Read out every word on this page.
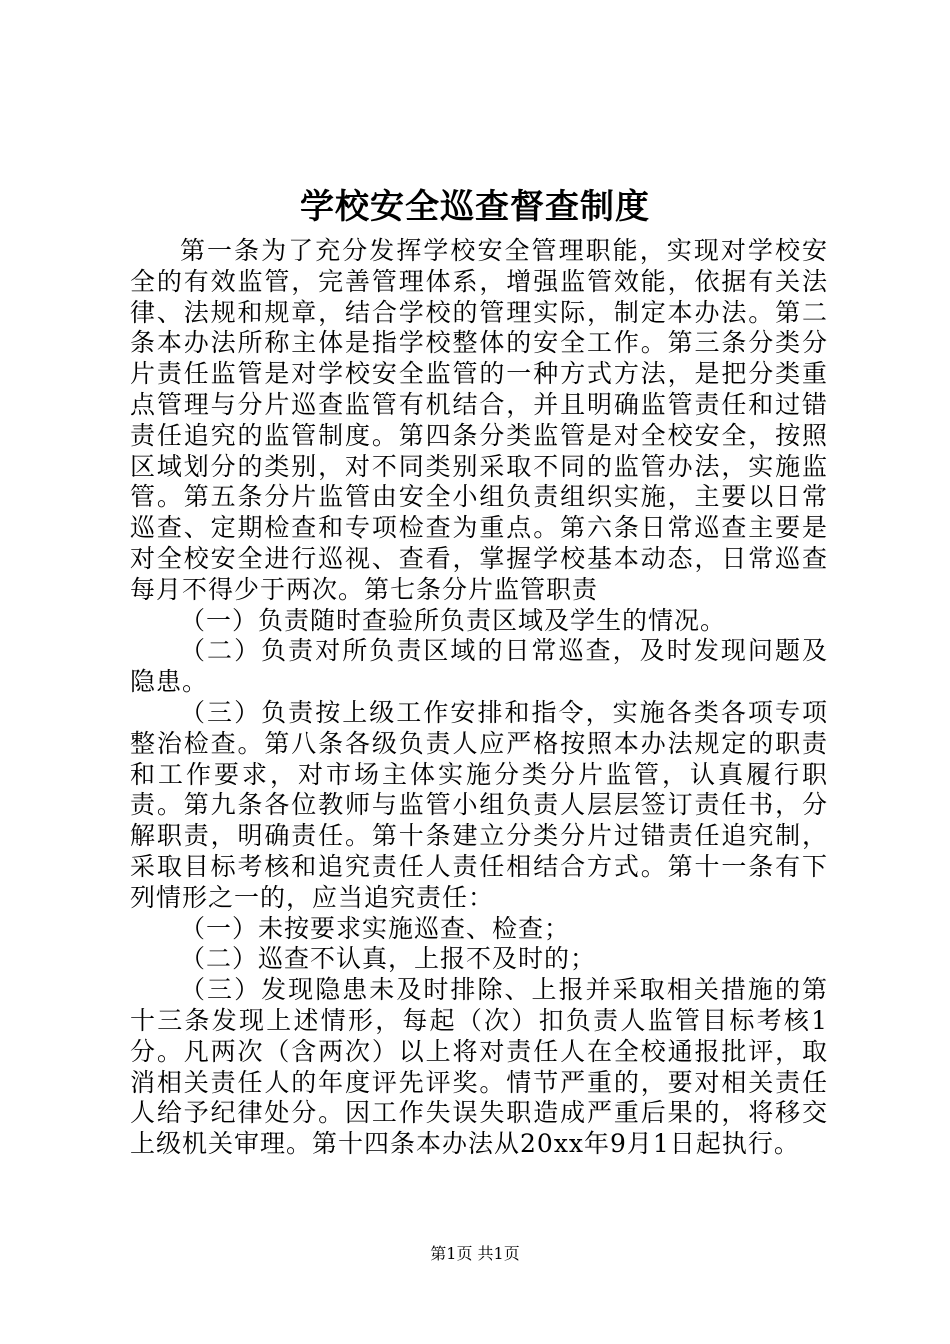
学校安全巡查督查制度

第一条为了充分发挥学校安全管理职能，实现对学校安全的有效监管，完善管理体系，增强监管效能，依据有关法律、法规和规章，结合学校的管理实际，制定本办法。第二条本办法所称主体是指学校整体的安全工作。第三条分类分片责任监管是对学校安全监管的一种方式方法，是把分类重点管理与分片巡查监管有机结合，并且明确监管责任和过错责任追究的监管制度。第四条分类监管是对全校安全，按照区域划分的类别，对不同类别采取不同的监管办法，实施监管。第五条分片监管由安全小组负责组织实施，主要以日常巡查、定期检查和专项检查为重点。第六条日常巡查主要是对全校安全进行巡视、查看，掌握学校基本动态，日常巡查每月不得少于两次。第七条分片监管职责

（一）负责随时查验所负责区域及学生的情况。

（二）负责对所负责区域的日常巡查，及时发现问题及隐患。

（三）负责按上级工作安排和指令，实施各类各项专项整治检查。第八条各级负责人应严格按照本办法规定的职责和工作要求，对市场主体实施分类分片监管，认真履行职责。第九条各位教师与监管小组负责人层层签订责任书，分解职责，明确责任。第十条建立分类分片过错责任追究制，采取目标考核和追究责任人责任相结合方式。第十一条有下列情形之一的，应当追究责任：

（一）未按要求实施巡查、检查；

（二）巡查不认真，上报不及时的；

（三）发现隐患未及时排除、上报并采取相关措施的第十三条发现上述情形，每起（次）扣负责人监管目标考核1分。凡两次（含两次）以上将对责任人在全校通报批评，取消相关责任人的年度评先评奖。情节严重的，要对相关责任人给予纪律处分。因工作失误失职造成严重后果的，将移交上级机关审理。第十四条本办法从20xx年9月1日起执行。

第1页 共1页
